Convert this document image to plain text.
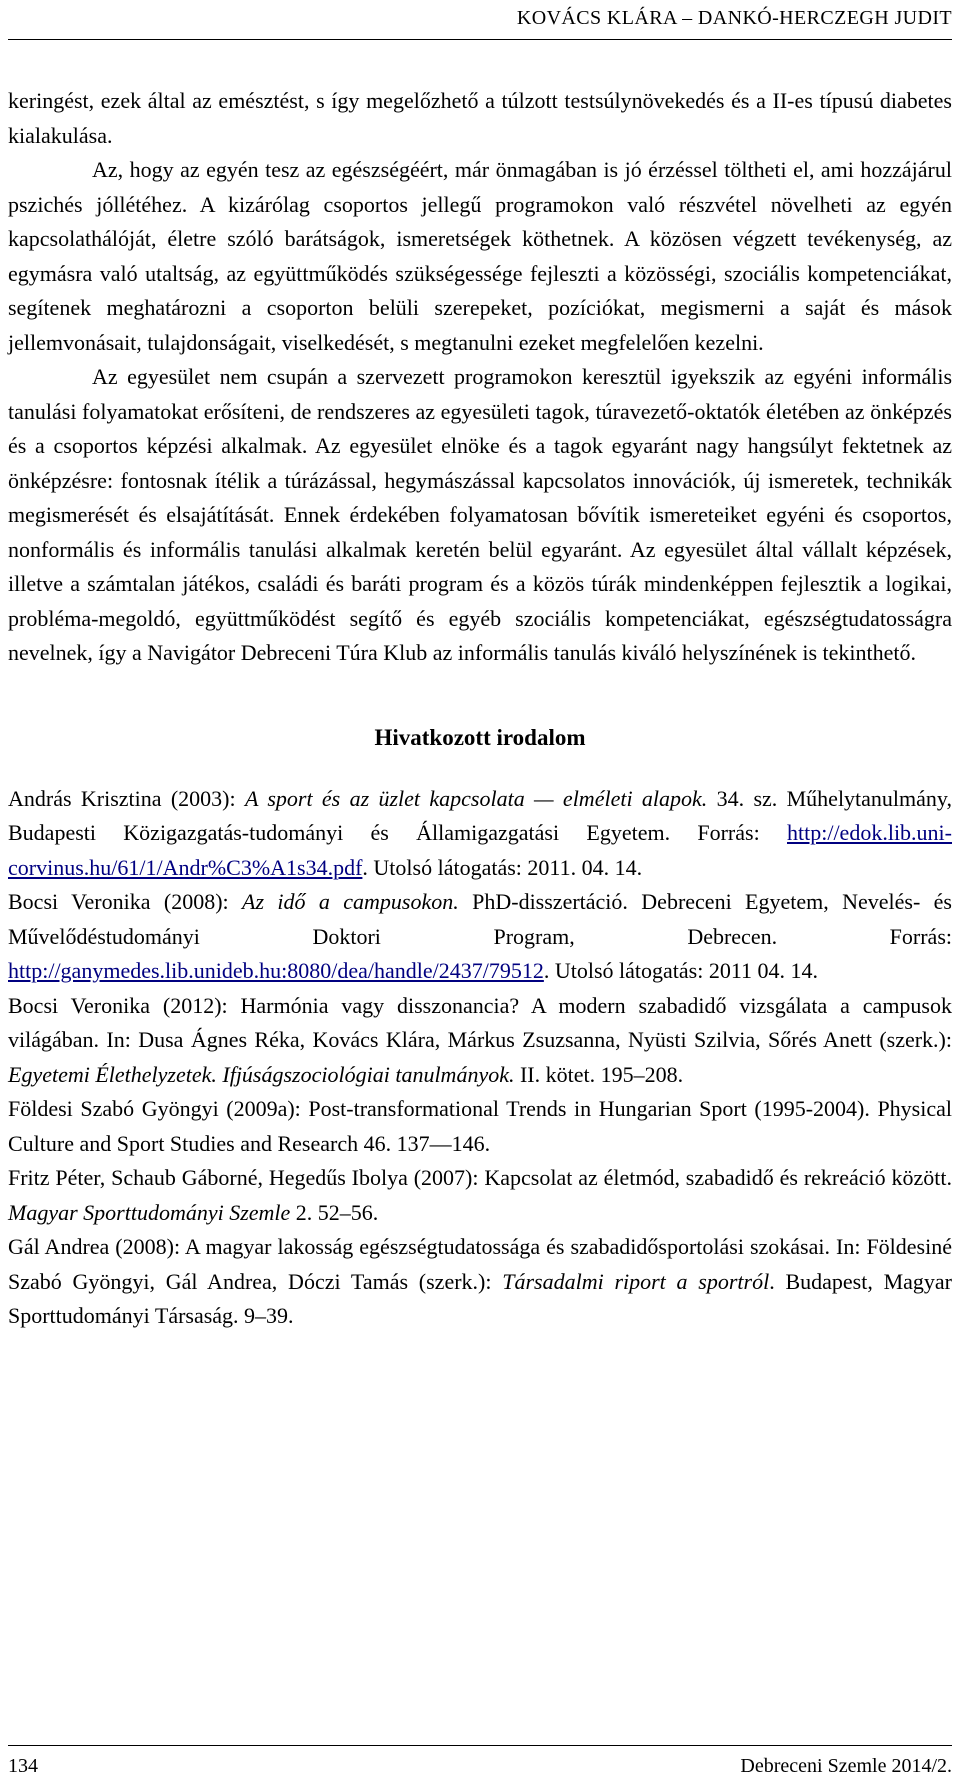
KOVÁCS KLÁRA – DANKÓ-HERCZEGH JUDIT

keringést, ezek által az emésztést, s így megelőzhető a túlzott testsúlynövekedés és a II-es típusú diabetes kialakulása.

Az, hogy az egyén tesz az egészségéért, már önmagában is jó érzéssel töltheti el, ami hozzájárul pszichés jóllétéhez. A kizárólag csoportos jellegű programokon való részvétel növelheti az egyén kapcsolathálóját, életre szóló barátságok, ismeretségek köthetnek. A közösen végzett tevékenység, az egymásra való utaltság, az együttműködés szükségessége fejleszti a közösségi, szociális kompetenciákat, segítenek meghatározni a csoporton belüli szerepeket, pozíciókat, megismerni a saját és mások jellemvonásait, tulajdonságait, viselkedését, s megtanulni ezeket megfelelően kezelni.

Az egyesület nem csupán a szervezett programokon keresztül igyekszik az egyéni informális tanulási folyamatokat erősíteni, de rendszeres az egyesületi tagok, túravezető-oktatók életében az önképzés és a csoportos képzési alkalmak. Az egyesület elnöke és a tagok egyaránt nagy hangsúlyt fektetnek az önképzésre: fontosnak ítélik a túrázással, hegymászással kapcsolatos innovációk, új ismeretek, technikák megismerését és elsajátítását. Ennek érdekében folyamatosan bővítik ismereteiket egyéni és csoportos, nonformális és informális tanulási alkalmak keretén belül egyaránt. Az egyesület által vállalt képzések, illetve a számtalan játékos, családi és baráti program és a közös túrák mindenképpen fejlesztik a logikai, probléma-megoldó, együttműködést segítő és egyéb szociális kompetenciákat, egészségtudatosságra nevelnek, így a Navigátor Debreceni Túra Klub az informális tanulás kiváló helyszínének is tekinthető.

Hivatkozott irodalom

András Krisztina (2003): A sport és az üzlet kapcsolata — elméleti alapok. 34. sz. Műhelytanulmány, Budapesti Közigazgatás-tudományi és Államigazgatási Egyetem. Forrás: http://edok.lib.uni-corvinus.hu/61/1/Andr%C3%A1s34.pdf. Utolsó látogatás: 2011. 04. 14.

Bocsi Veronika (2008): Az idő a campusokon. PhD-disszertáció. Debreceni Egyetem, Nevelés- és Művelődéstudományi Doktori Program, Debrecen. Forrás: http://ganymedes.lib.unideb.hu:8080/dea/handle/2437/79512. Utolsó látogatás: 2011 04. 14.

Bocsi Veronika (2012): Harmónia vagy disszonancia? A modern szabadidő vizsgálata a campusok világában. In: Dusa Ágnes Réka, Kovács Klára, Márkus Zsuzsanna, Nyüsti Szilvia, Sőrés Anett (szerk.): Egyetemi Élethelyzetek. Ifjúságszociológiai tanulmányok. II. kötet. 195–208.

Földesi Szabó Gyöngyi (2009a): Post-transformational Trends in Hungarian Sport (1995-2004). Physical Culture and Sport Studies and Research 46. 137—146.

Fritz Péter, Schaub Gáborné, Hegedűs Ibolya (2007): Kapcsolat az életmód, szabadidő és rekreáció között. Magyar Sporttudományi Szemle 2. 52–56.

Gál Andrea (2008): A magyar lakosság egészségtudatossága és szabadidősportolási szokásai. In: Földesiné Szabó Gyöngyi, Gál Andrea, Dóczi Tamás (szerk.): Társadalmi riport a sportról. Budapest, Magyar Sporttudományi Társaság. 9–39.

134	Debreceni Szemle 2014/2.
